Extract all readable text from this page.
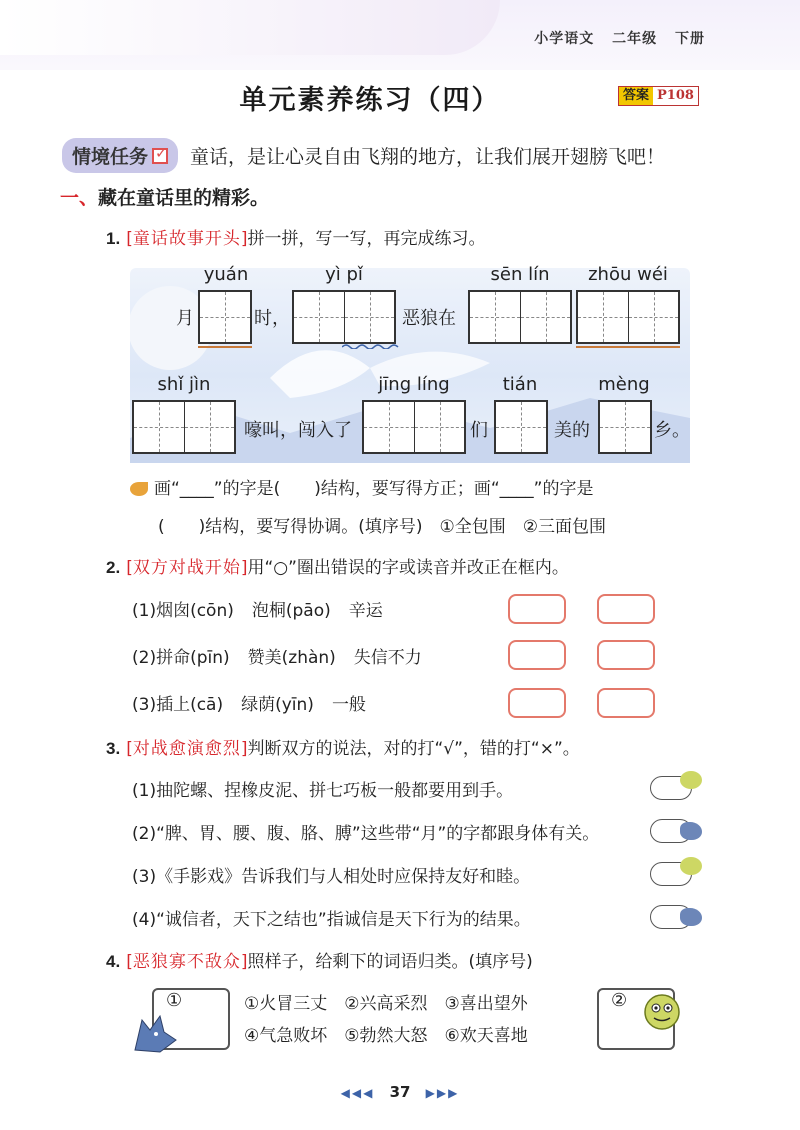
小学语文 二年级 下册
单元素养练习（四）	答案 P108
情境任务
✓ 童话，是让心灵自由飞翔的地方，让我们展开翅膀飞吧！
一、藏在童话里的精彩。
1. [童话故事开头]拼一拼，写一写，再完成练习。
yuán	yì pǐ	sēn lín	zhōu wéi
月	时，	恶狼在
shǐ jìn	jīng líng	tián	mèng
嚎叫，闯入了	们	美的	乡。
画“____”的字是(　　)结构，要写得方正；画“____”的字是
(　　)结构，要写得协调。(填序号)　①全包围　②三面包围
2. [双方对战开始]用“○”圈出错误的字或读音并改正在框内。
(1)烟囱(cōn) 泡桐(pāo) 辛运
(2)拼命(pīn) 赞美(zhàn) 失信不力
(3)插上(cā) 绿荫(yīn) 一般
3. [对战愈演愈烈]判断双方的说法，对的打“√”，错的打“×”。
(1)抽陀螺、捏橡皮泥、拼七巧板一般都要用到手。
(2)“脾、胃、腰、腹、胳、膊”这些带“月”的字都跟身体有关。
(3)《手影戏》告诉我们与人相处时应保持友好和睦。
(4)“诚信者，天下之结也”指诚信是天下行为的结果。
4. [恶狼寡不敌众]照样子，给剩下的词语归类。(填序号)
①	①火冒三丈　②兴高采烈　③喜出望外
④气急败坏　⑤勃然大怒　⑥欢天喜地
②
◀◀◀ 37 ▶▶▶
